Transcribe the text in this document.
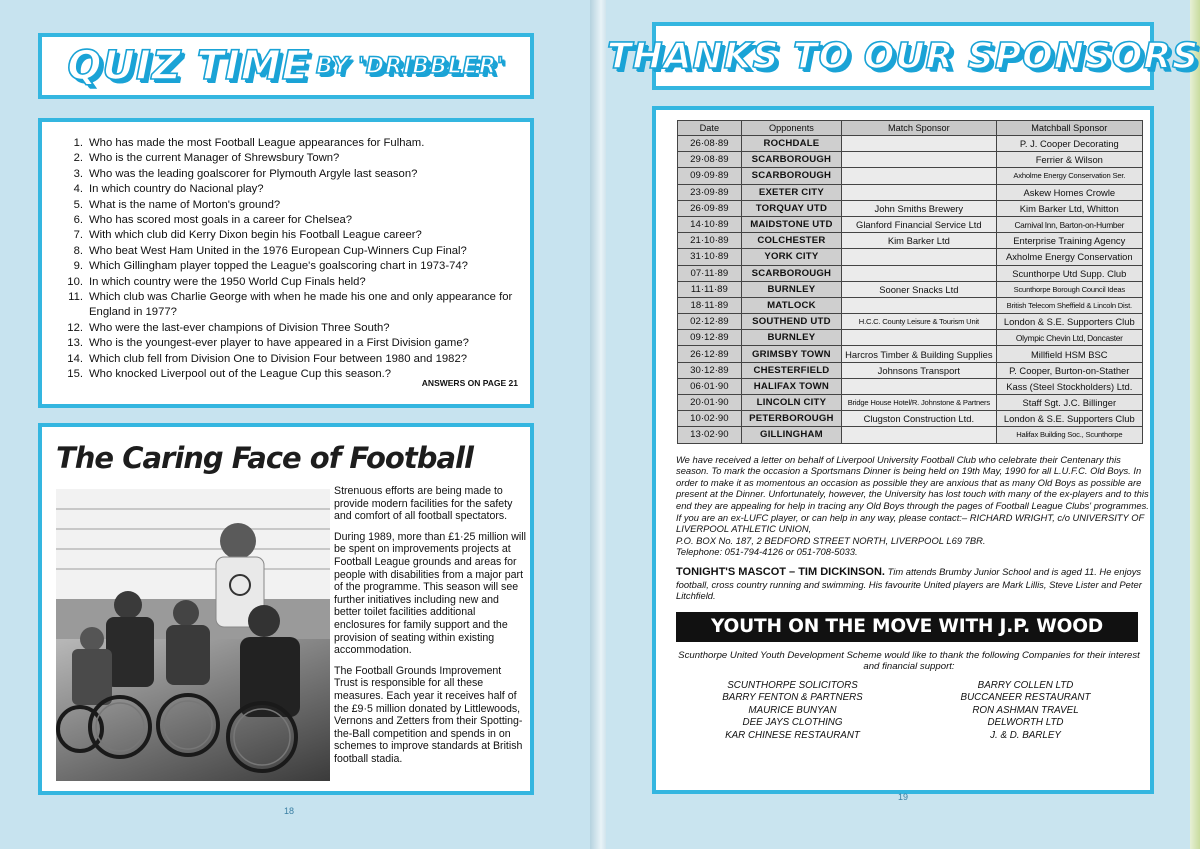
QUIZ TIME BY 'DRIBBLER'
1. Who has made the most Football League appearances for Fulham.
2. Who is the current Manager of Shrewsbury Town?
3. Who was the leading goalscorer for Plymouth Argyle last season?
4. In which country do Nacional play?
5. What is the name of Morton's ground?
6. Who has scored most goals in a career for Chelsea?
7. With which club did Kerry Dixon begin his Football League career?
8. Who beat West Ham United in the 1976 European Cup-Winners Cup Final?
9. Which Gillingham player topped the League's goalscoring chart in 1973-74?
10. In which country were the 1950 World Cup Finals held?
11. Which club was Charlie George with when he made his one and only appearance for England in 1977?
12. Who were the last-ever champions of Division Three South?
13. Who is the youngest-ever player to have appeared in a First Division game?
14. Which club fell from Division One to Division Four between 1980 and 1982?
15. Who knocked Liverpool out of the League Cup this season.?
ANSWERS ON PAGE 21
The Caring Face of Football

Strenuous efforts are being made to provide modern facilities for the safety and comfort of all football spectators.

During 1989, more than £1·25 million will be spent on improvements projects at Football League grounds and areas for people with disabilities from a major part of the programme. This season will see further initiatives including new and better toilet facilities additional enclosures for family support and the provision of seating within existing accommodation.

The Football Grounds Improvement Trust is responsible for all these measures. Each year it receives half of the £9·5 million donated by Littlewoods, Vernons and Zetters from their Spotting-the-Ball competition and spends in on schemes to improve standards at British football stadia.

18
THANKS TO OUR SPONSORS
Date	Opponents	Match Sponsor	Matchball Sponsor
26·08·89	ROCHDALE		P. J. Cooper Decorating
29·08·89	SCARBOROUGH		Ferrier & Wilson
09·09·89	SCARBOROUGH		Axholme Energy Conservation Ser.
23·09·89	EXETER CITY		Askew Homes Crowle
26·09·89	TORQUAY UTD	John Smiths Brewery	Kim Barker Ltd, Whitton
14·10·89	MAIDSTONE UTD	Glanford Financial Service Ltd	Carnival Inn, Barton-on-Humber
21·10·89	COLCHESTER	Kim Barker Ltd	Enterprise Training Agency
31·10·89	YORK CITY		Axholme Energy Conservation
07·11·89	SCARBOROUGH		Scunthorpe Utd Supp. Club
11·11·89	BURNLEY	Sooner Snacks Ltd	Scunthorpe Borough Council Ideas
18·11·89	MATLOCK		British Telecom Sheffield & Lincoln Dist.
02·12·89	SOUTHEND UTD	H.C.C. County Leisure & Tourism Unit	London & S.E. Supporters Club
09·12·89	BURNLEY		Olympic Chevin Ltd, Doncaster
26·12·89	GRIMSBY TOWN	Harcros Timber & Building Supplies	Millfield HSM BSC
30·12·89	CHESTERFIELD	Johnsons Transport	P. Cooper, Burton-on-Stather
06·01·90	HALIFAX TOWN		Kass (Steel Stockholders) Ltd.
20·01·90	LINCOLN CITY	Bridge House Hotel/R. Johnstone & Partners	Staff Sgt. J.C. Billinger
10·02·90	PETERBOROUGH	Clugston Construction Ltd.	London & S.E. Supporters Club
13·02·90	GILLINGHAM		Halifax Building Soc., Scunthorpe

We have received a letter on behalf of Liverpool University Football Club who celebrate their Centenary this season. To mark the occasion a Sportsmans Dinner is being held on 19th May, 1990 for all L.U.F.C. Old Boys. In order to make it as momentous an occasion as possible they are anxious that as many Old Boys as possible are present at the Dinner. Unfortunately, however, the University has lost touch with many of the ex-players and to this end they are appealing for help in tracing any Old Boys through the pages of Football League Clubs' programmes. If you are an ex-LUFC player, or can help in any way, please contact:– RICHARD WRIGHT, c/o UNIVERSITY OF LIVERPOOL ATHLETIC UNION,

P.O. BOX No. 187, 2 BEDFORD STREET NORTH, LIVERPOOL L69 7BR.

Telephone: 051-794-4126 or 051-708-5033.

TONIGHT'S MASCOT – TIM DICKINSON. Tim attends Brumby Junior School and is aged 11. He enjoys football, cross country running and swimming. His favourite United players are Mark Lillis, Steve Lister and Peter Litchfield.
YOUTH ON THE MOVE WITH J.P. WOOD
Scunthorpe United Youth Development Scheme would like to thank the following Companies for their interest and financial support:
SCUNTHORPE SOLICITORS
BARRY FENTON & PARTNERS
MAURICE BUNYAN
DEE JAYS CLOTHING
KAR CHINESE RESTAURANT
BARRY COLLEN LTD
BUCCANEER RESTAURANT
RON ASHMAN TRAVEL
DELWORTH LTD
J. & D. BARLEY
19
